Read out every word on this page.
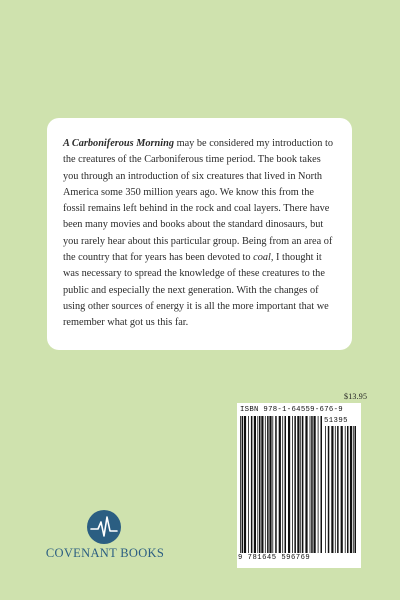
A Carboniferous Morning may be considered my introduction to the creatures of the Carboniferous time period. The book takes you through an introduction of six creatures that lived in North America some 350 million years ago. We know this from the fossil remains left behind in the rock and coal layers. There have been many movies and books about the standard dinosaurs, but you rarely hear about this particular group. Being from an area of the country that for years has been devoted to coal, I thought it was necessary to spread the knowledge of these creatures to the public and especially the next generation. With the changes of using other sources of energy it is all the more important that we remember what got us this far.

$13.95
ISBN 978-1-64559-676-9
51395
9 781645 596769
COVENANT BOOKS
